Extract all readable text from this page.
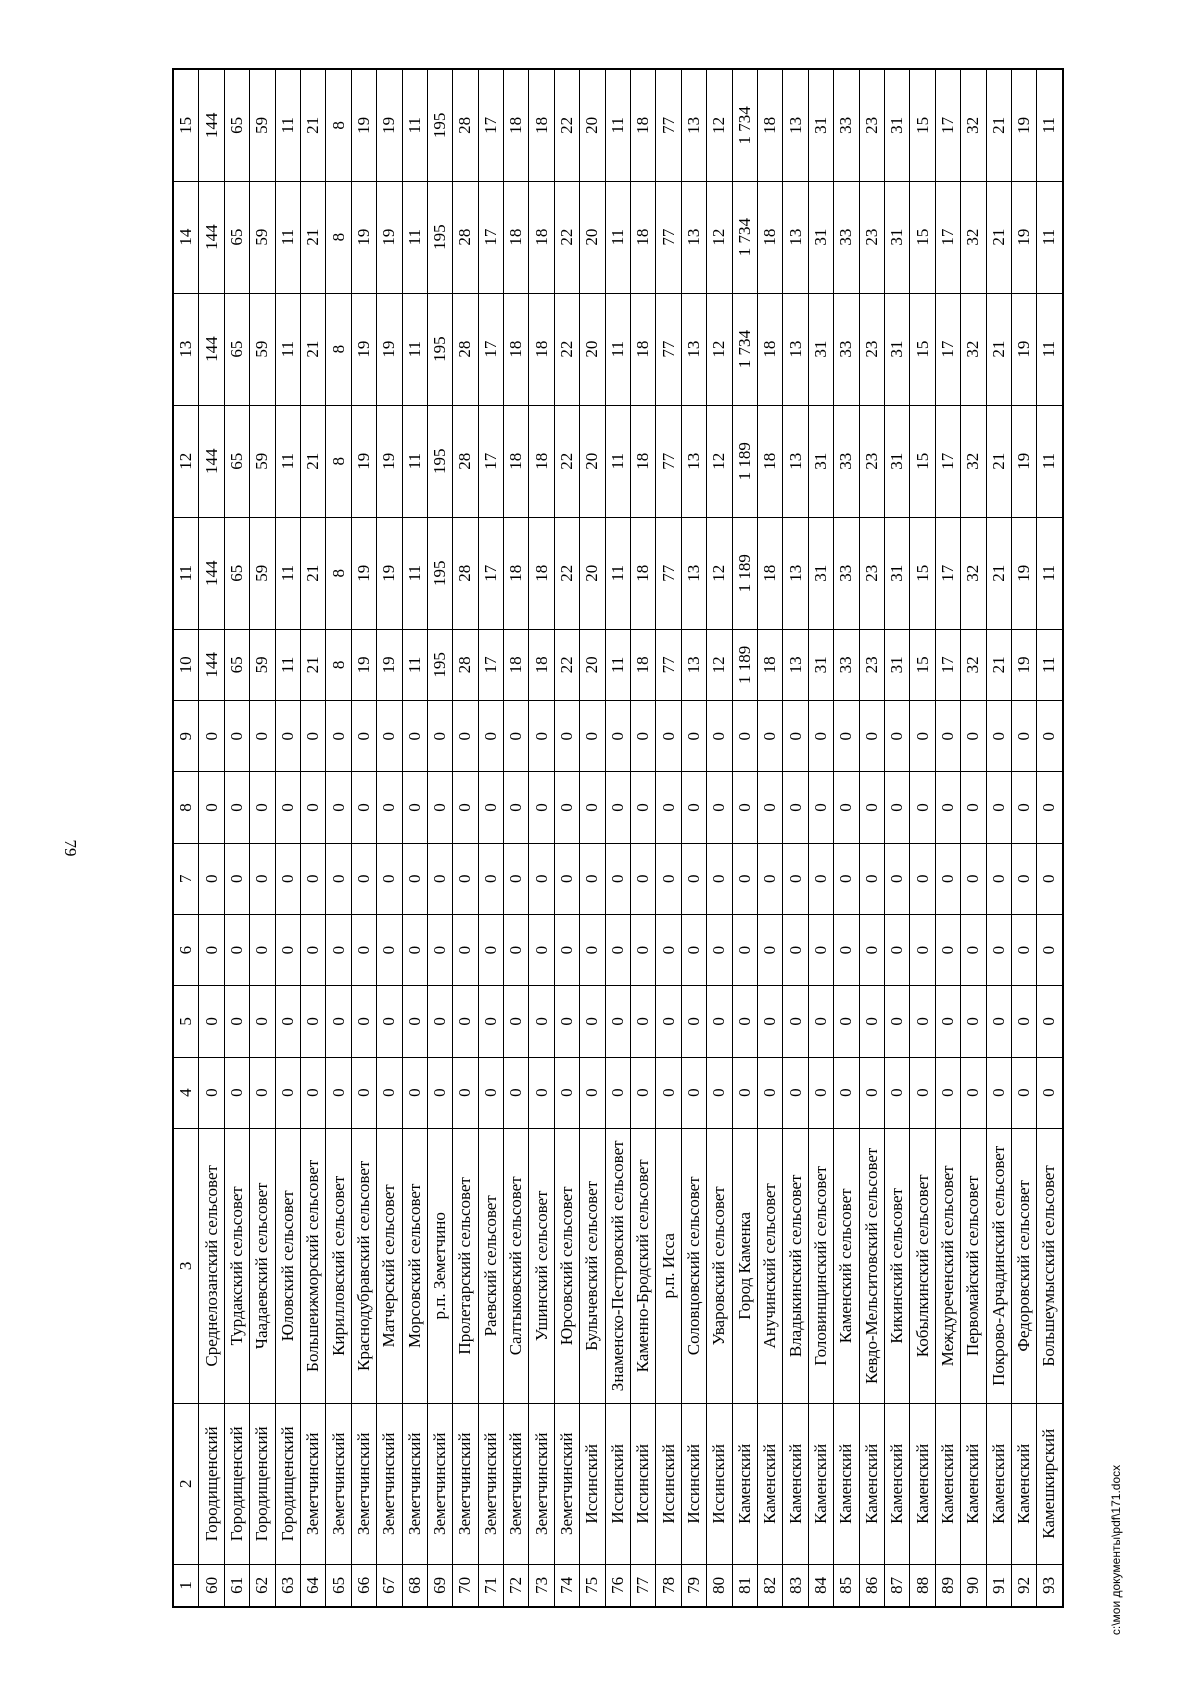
79
1	2	3	4	5	6	7	8	9	10	11	12	13	14	15
60	Городищенский	Среднелозанский сельсовет	0	0	0	0	0	0	144	144	144	144	144	144
61	Городищенский	Турдакский сельсовет	0	0	0	0	0	0	65	65	65	65	65	65
62	Городищенский	Чаадаевский сельсовет	0	0	0	0	0	0	59	59	59	59	59	59
63	Городищенский	Юловский сельсовет	0	0	0	0	0	0	11	11	11	11	11	11
64	Земетчинский	Большеижморский сельсовет	0	0	0	0	0	0	21	21	21	21	21	21
65	Земетчинский	Кирилловский сельсовет	0	0	0	0	0	0	8	8	8	8	8	8
66	Земетчинский	Краснодубравский сельсовет	0	0	0	0	0	0	19	19	19	19	19	19
67	Земетчинский	Матчерский сельсовет	0	0	0	0	0	0	19	19	19	19	19	19
68	Земетчинский	Морсовский сельсовет	0	0	0	0	0	0	11	11	11	11	11	11
69	Земетчинский	р.п. Земетчино	0	0	0	0	0	0	195	195	195	195	195	195
70	Земетчинский	Пролетарский сельсовет	0	0	0	0	0	0	28	28	28	28	28	28
71	Земетчинский	Раевский сельсовет	0	0	0	0	0	0	17	17	17	17	17	17
72	Земетчинский	Салтыковский сельсовет	0	0	0	0	0	0	18	18	18	18	18	18
73	Земетчинский	Ушинский сельсовет	0	0	0	0	0	0	18	18	18	18	18	18
74	Земетчинский	Юрсовский сельсовет	0	0	0	0	0	0	22	22	22	22	22	22
75	Иссинский	Булычевский сельсовет	0	0	0	0	0	0	20	20	20	20	20	20
76	Иссинский	Знаменско-Пестровский сельсовет	0	0	0	0	0	0	11	11	11	11	11	11
77	Иссинский	Каменно-Бродский сельсовет	0	0	0	0	0	0	18	18	18	18	18	18
78	Иссинский	р.п. Исса	0	0	0	0	0	0	77	77	77	77	77	77
79	Иссинский	Соловцовский сельсовет	0	0	0	0	0	0	13	13	13	13	13	13
80	Иссинский	Уваровский сельсовет	0	0	0	0	0	0	12	12	12	12	12	12
81	Каменский	Город Каменка	0	0	0	0	0	0	1 189	1 189	1 189	1 734	1 734	1 734
82	Каменский	Анучинский сельсовет	0	0	0	0	0	0	18	18	18	18	18	18
83	Каменский	Владыкинский сельсовет	0	0	0	0	0	0	13	13	13	13	13	13
84	Каменский	Головинщинский сельсовет	0	0	0	0	0	0	31	31	31	31	31	31
85	Каменский	Каменский сельсовет	0	0	0	0	0	0	33	33	33	33	33	33
86	Каменский	Кевдо-Мельситовский сельсовет	0	0	0	0	0	0	23	23	23	23	23	23
87	Каменский	Кикинский сельсовет	0	0	0	0	0	0	31	31	31	31	31	31
88	Каменский	Кобылкинский сельсовет	0	0	0	0	0	0	15	15	15	15	15	15
89	Каменский	Междуреченский сельсовет	0	0	0	0	0	0	17	17	17	17	17	17
90	Каменский	Первомайский сельсовет	0	0	0	0	0	0	32	32	32	32	32	32
91	Каменский	Покрово-Арчадинский сельсовет	0	0	0	0	0	0	21	21	21	21	21	21
92	Каменский	Федоровский сельсовет	0	0	0	0	0	0	19	19	19	19	19	19
93	Камешкирский	Большеумысский сельсовет	0	0	0	0	0	0	11	11	11	11	11	11
c:\мои документы\pdf\171.docx
